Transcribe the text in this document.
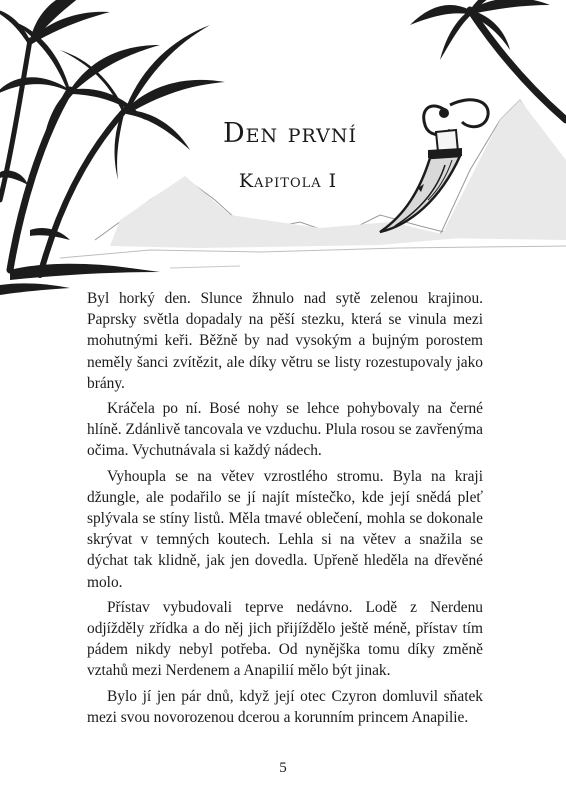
Den první
Kapitola I

Byl horký den. Slunce žhnulo nad sytě zelenou krajinou. Paprsky světla dopadaly na pěší stezku, která se vinula mezi mohutnými keři. Běžně by nad vysokým a bujným porostem neměly šanci zvítězit, ale díky větru se listy rozestupovaly jako brány.

Kráčela po ní. Bosé nohy se lehce pohybovaly na černé hlíně. Zdánlivě tancovala ve vzduchu. Plula rosou se zavřenýma očima. Vychutnávala si každý nádech.

Vyhoupla se na větev vzrostlého stromu. Byla na kraji džungle, ale podařilo se jí najít místečko, kde její snědá pleť splývala se stíny listů. Měla tmavé oblečení, mohla se dokonale skrývat v temných koutech. Lehla si na větev a snažila se dýchat tak klidně, jak jen dovedla. Upřeně hleděla na dřevěné molo.

Přístav vybudovali teprve nedávno. Lodě z Nerdenu odjížděly zřídka a do něj jich přijíždělo ještě méně, přístav tím pádem nikdy nebyl potřeba. Od nynějška tomu díky změně vztahů mezi Nerdenem a Anapilií mělo být jinak.

Bylo jí jen pár dnů, když její otec Czyron domluvil sňatek mezi svou novorozenou dcerou a korunním princem Anapilie.

5
